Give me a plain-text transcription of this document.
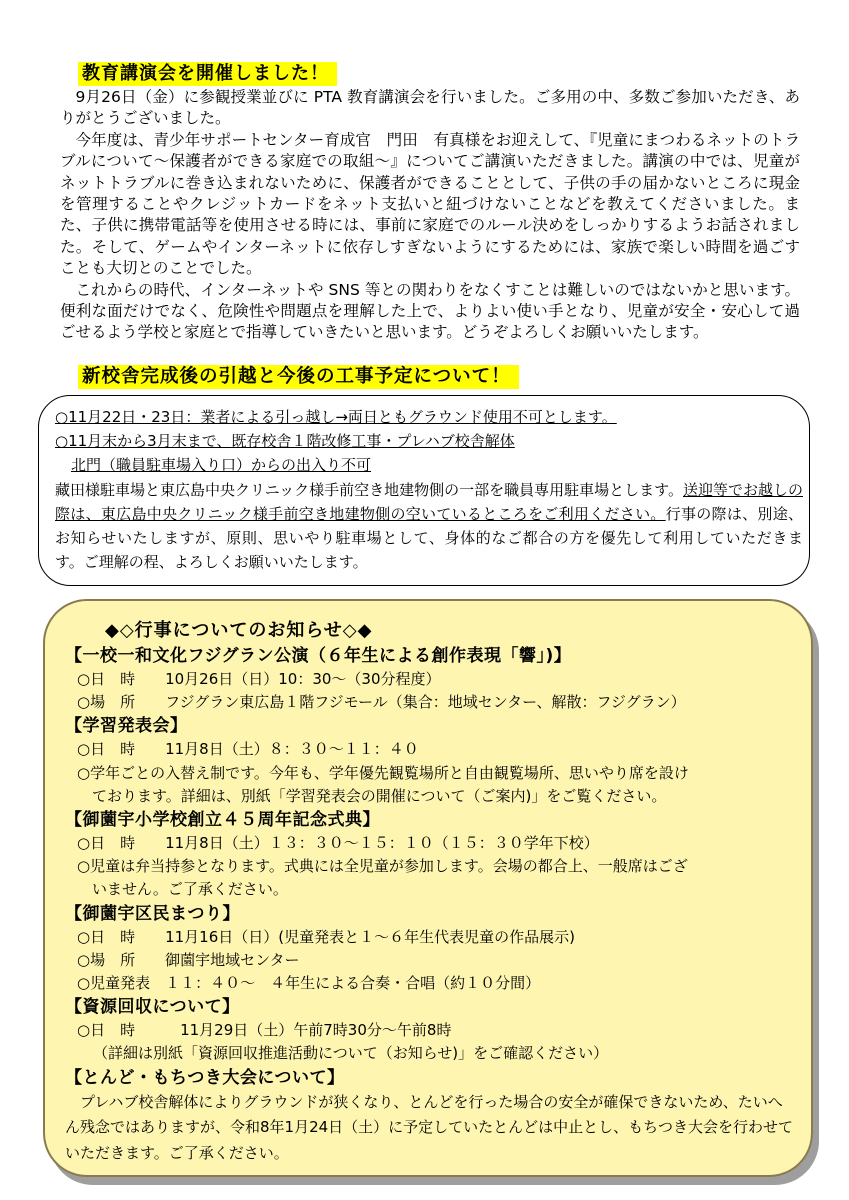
教育講演会を開催しました！

9月26日（金）に参観授業並びに PTA 教育講演会を行いました。ご多用の中、多数ご参加いただき、ありがとうございました。

今年度は、青少年サポートセンター育成官　門田　有真様をお迎えして、『児童にまつわるネットのトラブルについて～保護者ができる家庭での取組～』についてご講演いただきました。講演の中では、児童がネットトラブルに巻き込まれないために、保護者ができることとして、子供の手の届かないところに現金を管理することやクレジットカードをネット支払いと紐づけないことなどを教えてくださいました。また、子供に携帯電話等を使用させる時には、事前に家庭でのルール決めをしっかりするようお話されました。そして、ゲームやインターネットに依存しすぎないようにするためには、家族で楽しい時間を過ごすことも大切とのことでした。

これからの時代、インターネットや SNS 等との関わりをなくすことは難しいのではないかと思います。便利な面だけでなく、危険性や問題点を理解した上で、よりよい使い手となり、児童が安全・安心して過ごせるよう学校と家庭とで指導していきたいと思います。どうぞよろしくお願いいたします。

新校舎完成後の引越と今後の工事予定について！
○11月22日・23日：業者による引っ越し→両日ともグラウンド使用不可とします。
○11月末から3月末まで、既存校舎１階改修工事・プレハブ校舎解体
北門（職員駐車場入り口）からの出入り不可
藏田様駐車場と東広島中央クリニック様手前空き地建物側の一部を職員専用駐車場とします。送迎等でお越しの際は、東広島中央クリニック様手前空き地建物側の空いているところをご利用ください。行事の際は、別途、お知らせいたしますが、原則、思いやり駐車場として、身体的なご都合の方を優先して利用していただきます。ご理解の程、よろしくお願いいたします。
◆◇行事についてのお知らせ◇◆
【一校一和文化フジグラン公演（６年生による創作表現「響」)】
○日　時　　10月26日（日）10：30～（30分程度）
○場　所　　フジグラン東広島１階フジモール（集合：地域センター、解散：フジグラン）
【学習発表会】
○日　時　　11月8日（土）８：３０～１１：４０
○学年ごとの入替え制です。今年も、学年優先観覧場所と自由観覧場所、思いやり席を設け
　ております。詳細は、別紙「学習発表会の開催について（ご案内)」をご覧ください。
【御薗宇小学校創立４５周年記念式典】
○日　時　　11月8日（土）１３：３０～１５：１０（１５：３０学年下校）
○児童は弁当持参となります。式典には全児童が参加します。会場の都合上、一般席はござ
　いません。ご了承ください。
【御薗宇区民まつり】
○日　時　　11月16日（日）(児童発表と１～６年生代表児童の作品展示)
○場　所　　御薗宇地域センター
○児童発表　１１：４０～　４年生による合奏・合唱（約１０分間）
【資源回収について】
○日　時　　　11月29日（土）午前7時30分～午前8時
（詳細は別紙「資源回収推進活動について（お知らせ)」をご確認ください）
【とんど・もちつき大会について】
プレハブ校舎解体によりグラウンドが狭くなり、とんどを行った場合の安全が確保できないため、たいへん残念ではありますが、令和8年1月24日（土）に予定していたとんどは中止とし、もちつき大会を行わせていただきます。ご了承ください。
